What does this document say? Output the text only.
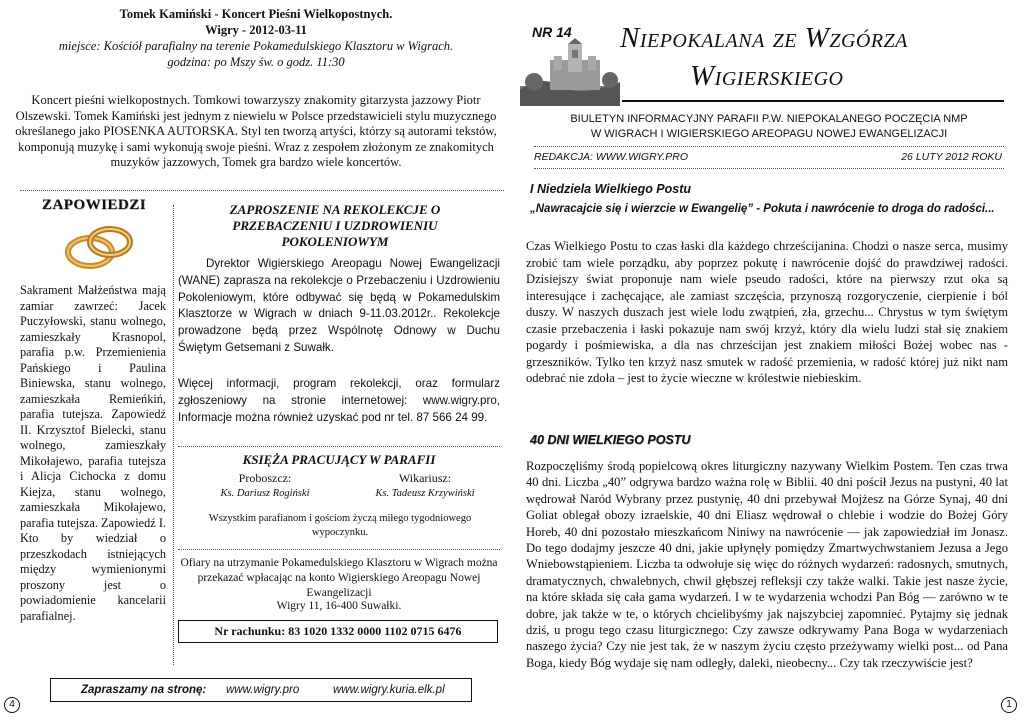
Tomek Kamiński - Koncert Pieśni Wielkopostnych.
Wigry - 2012-03-11
miejsce: Kościół parafialny na terenie Pokamedulskiego Klasztoru w Wigrach.
godzina: po Mszy św. o godz. 11:30
Koncert pieśni wielkopostnych. Tomkowi towarzyszy znakomity gitarzysta jazzowy Piotr Olszewski. Tomek Kamiński jest jednym z niewielu w Polsce przedstawicieli stylu muzycznego określanego jako PIOSENKA AUTORSKA. Styl ten tworzą artyści, którzy są autorami tekstów, komponują muzykę i sami wykonują swoje pieśni. Wraz z zespołem złożonym ze znakomitych muzyków jazzowych, Tomek gra bardzo wiele koncertów.
ZAPOWIEDZI
Sakrament Małżeństwa mają zamiar zawrzeć: Jacek Puczyłowski, stanu wolnego, zamieszkały Krasnopol, parafia p.w. Przemienienia Pańskiego i Paulina Biniewska, stanu wolnego, zamieszkała Remieńkiń, parafia tutejsza. Zapowiedź II. Krzysztof Bielecki, stanu wolnego, zamieszkały Mikołajewo, parafia tutejsza i Alicja Cichocka z domu Kiejza, stanu wolnego, zamieszkała Mikołajewo, parafia tutejsza. Zapowiedź I. Kto by wiedział o przeszkodach istniejących między wymienionymi proszony jest o powiadomienie kancelarii parafialnej.
ZAPROSZENIE NA REKOLEKCJE O PRZEBACZENIU I UZDROWIENIU POKOLENIOWYM
Dyrektor Wigierskiego Areopagu Nowej Ewangelizacji (WANE) zaprasza na rekolekcje o Przebaczeniu i Uzdrowieniu Pokoleniowym, które odbywać się będą w Pokamedulskim Klasztorze w Wigrach w dniach 9-11.03.2012r.. Rekolekcje prowadzone będą przez Wspólnotę Odnowy w Duchu Świętym Getsemani z Suwałk.
Więcej informacji, program rekolekcji, oraz formularz zgłoszeniowy na stronie internetowej: www.wigry.pro, Informacje można również uzyskać pod nr tel. 87 566 24 99.
KSIĘŻA PRACUJĄCY W PARAFII
Proboszcz:
Ks. Dariusz Rogiński
Wikariusz:
Ks. Tadeusz Krzywiński
Wszystkim parafianom i gościom życzą miłego tygodniowego wypoczynku.
Ofiary na utrzymanie Pokamedulskiego Klasztoru w Wigrach można przekazać wpłacając na konto Wigierskiego Areopagu Nowej Ewangelizacji
Wigry 11, 16-400 Suwałki.
Nr rachunku: 83 1020 1332 0000 1102 0715 6476
Zapraszamy na stronę: www.wigry.pro	www.wigry.kuria.elk.pl
4
NR 14 Niepokalana ze Wzgórza
Wigierskiego
BIULETYN INFORMACYJNY PARAFII P.W. NIEPOKALANEGO POCZĘCIA NMP
W WIGRACH I WIGIERSKIEGO AREOPAGU NOWEJ EWANGELIZACJI
REDAKCJA: WWW.WIGRY.PRO	26 LUTY 2012 ROKU
I Niedziela Wielkiego Postu
„Nawracajcie się i wierzcie w Ewangelię” - Pokuta i nawrócenie to droga do radości...
Czas Wielkiego Postu to czas łaski dla każdego chrześcijanina. Chodzi o nasze serca, musimy zrobić tam wiele porządku, aby poprzez pokutę i nawrócenie dojść do prawdziwej radości. Dzisiejszy świat proponuje nam wiele pseudo radości, które na pierwszy rzut oka są interesujące i zachęcające, ale zamiast szczęścia, przynoszą rozgoryczenie, cierpienie i ból duszy. W naszych duszach jest wiele lodu zwątpień, zła, grzechu... Chrystus w tym świętym czasie przebaczenia i łaski pokazuje nam swój krzyż, który dla wielu ludzi stał się znakiem pogardy i pośmiewiska, a dla nas chrześcijan jest znakiem miłości Bożej wobec nas - grzeszników. Tylko ten krzyż nasz smutek w radość przemienia, w radość której już nikt nam odebrać nie zdoła – jest to życie wieczne w królestwie niebieskim.
40 DNI WIELKIEGO POSTU
Rozpoczęliśmy środą popielcową okres liturgiczny nazywany Wielkim Postem. Ten czas trwa 40 dni. Liczba „40” odgrywa bardzo ważna rolę w Biblii. 40 dni pościł Jezus na pustyni, 40 lat wędrował Naród Wybrany przez pustynię, 40 dni przebywał Mojżesz na Górze Synaj, 40 dni Goliat oblegał obozy izraelskie, 40 dni Eliasz wędrował o chlebie i wodzie do Bożej Góry Horeb, 40 dni pozostało mieszkańcom Niniwy na nawrócenie — jak zapowiedział im Jonasz. Do tego dodajmy jeszcze 40 dni, jakie upłynęły pomiędzy Zmartwychwstaniem Jezusa a Jego Wniebowstąpieniem. Liczba ta odwołuje się więc do różnych wydarzeń: radosnych, smutnych, dramatycznych, chwalebnych, chwil głębszej refleksji czy także walki. Takie jest nasze życie, na które składa się cała gama wydarzeń. I w te wydarzenia wchodzi Pan Bóg — zarówno w te dobre, jak także w te, o których chcielibyśmy jak najszybciej zapomnieć. Pytajmy się jednak dziś, u progu tego czasu liturgicznego: Czy zawsze odkrywamy Pana Boga w wydarzeniach naszego życia? Czy nie jest tak, że w naszym życiu często przeżywamy wielki post... od Pana Boga, kiedy Bóg wydaje się nam odległy, daleki, nieobecny... Czy tak rzeczywiście jest?
1
